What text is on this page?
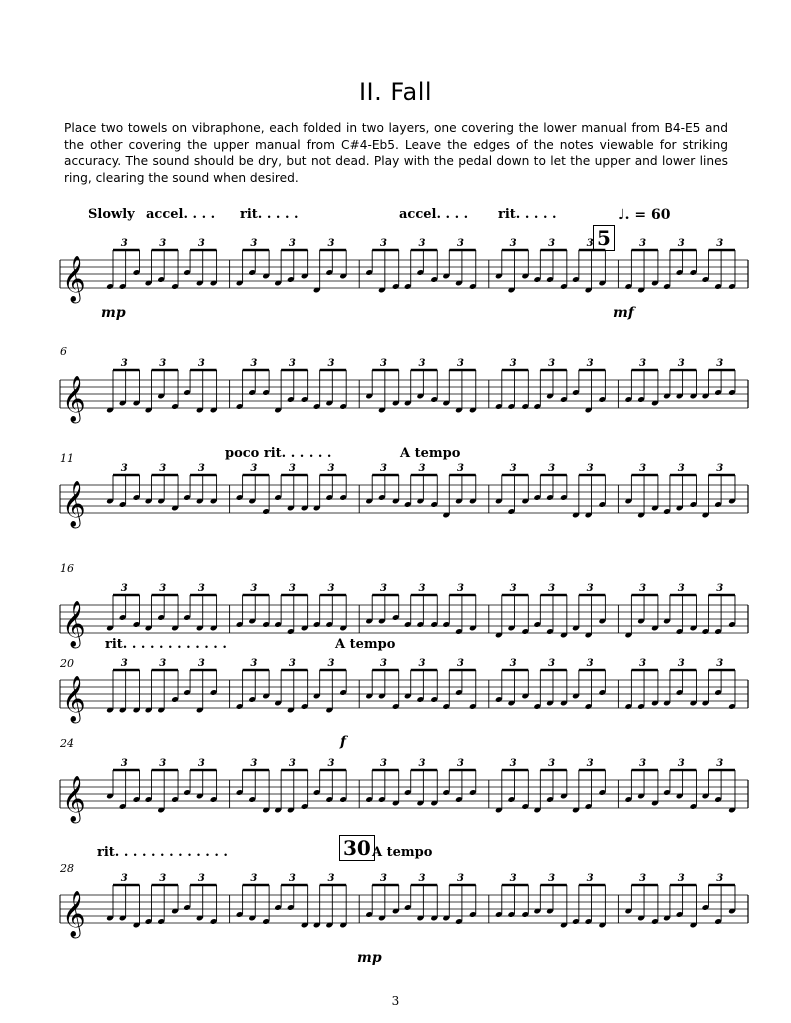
II. Fall
Place two towels on vibraphone, each folded in two layers, one covering the lower manual from B4-E5 and the other covering the upper manual from C#4-Eb5. Leave the edges of the notes viewable for striking accuracy. The sound should be dry, but not dead. Play with the pedal down to let the upper and lower lines ring, clearing the sound when desired.
Slowly accel. . . . rit. . . . .	accel. . . . rit. . . . .
5
♩. = 60
mp	mf
𝄞
3	3	3	3	3	3	3	3	3	3	3	3	3	3	3
6
𝄞
3	3	3	3	3	3	3	3	3	3	3	3	3	3	3
11	poco rit. . . . . .	A tempo
𝄞
3	3	3	3	3	3	3	3	3	3	3	3	3	3	3
16
𝄞
3	3	3	3	3	3	3	3	3	3	3	3	3	3	3
20
rit. . . . . . . . . . . .	A tempo
f
𝄞
3	3	3	3	3	3	3	3	3	3	3	3	3	3	3
24
𝄞
3	3	3	3	3	3	3	3	3	3	3	3	3	3	3
28
rit. . . . . . . . . . . . .	30 A tempo
mp
𝄞
3	3	3	3	3	3	3	3	3	3	3	3	3	3	3
3
